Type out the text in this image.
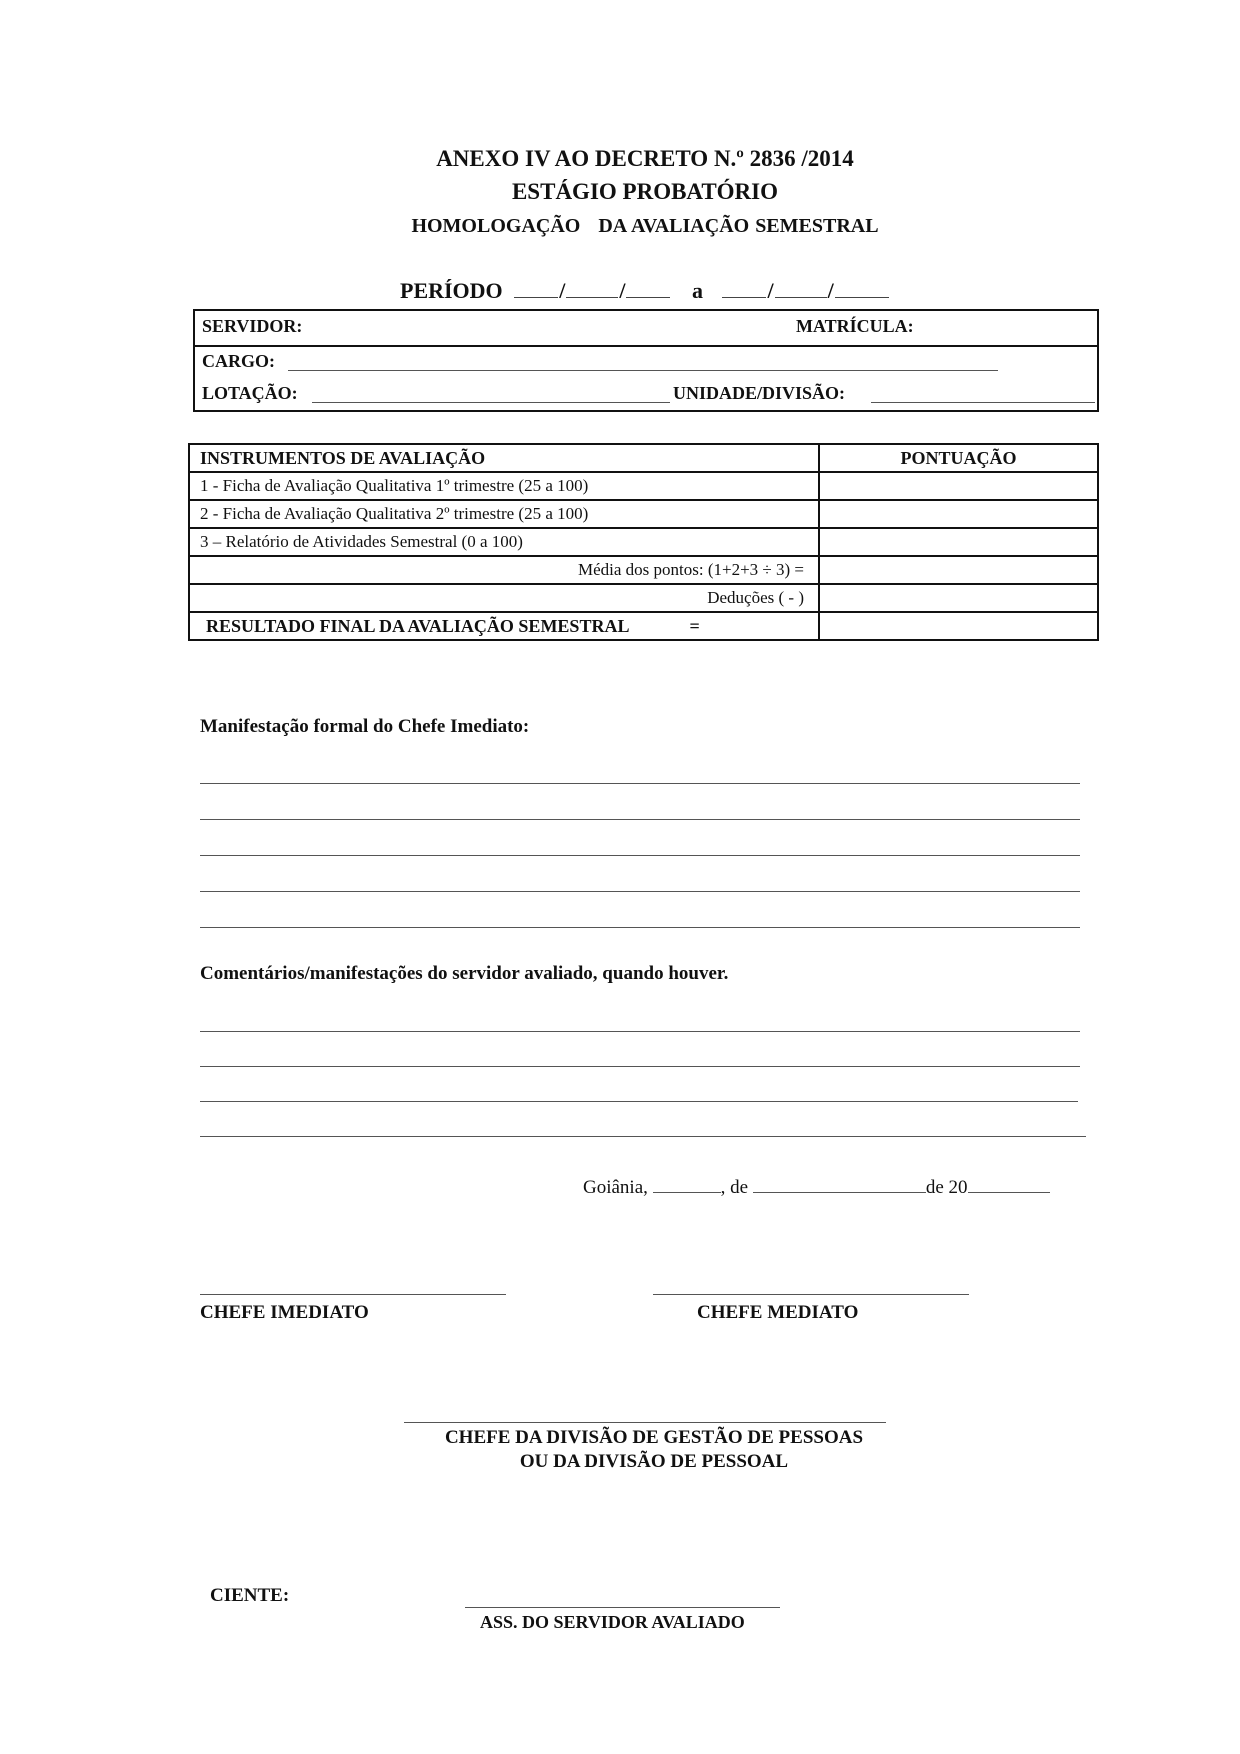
ANEXO IV AO DECRETO N.º 2836 /2014
ESTÁGIO PROBATÓRIO
HOMOLOGAÇÃO   DA AVALIAÇÃO SEMESTRAL
PERÍODO	/ /	a	/ /
SERVIDOR:	MATRÍCULA:
CARGO:
LOTAÇÃO:	UNIDADE/DIVISÃO:
INSTRUMENTOS DE AVALIAÇÃO	PONTUAÇÃO
1 - Ficha de Avaliação Qualitativa 1º trimestre (25 a 100)	
2 - Ficha de Avaliação Qualitativa 2º trimestre (25 a 100)	
3 – Relatório de Atividades Semestral (0 a 100)	
Média dos pontos: (1+2+3 ÷ 3) =	
Deduções ( - )	
RESULTADO FINAL DA AVALIAÇÃO SEMESTRAL =	
Manifestação formal do Chefe Imediato:
Comentários/manifestações do servidor avaliado, quando houver.
Goiânia,	, de	de 20
CHEFE IMEDIATO	CHEFE MEDIATO
CHEFE DA DIVISÃO DE GESTÃO DE PESSOAS
OU DA DIVISÃO DE PESSOAL
CIENTE:
ASS. DO SERVIDOR AVALIADO
